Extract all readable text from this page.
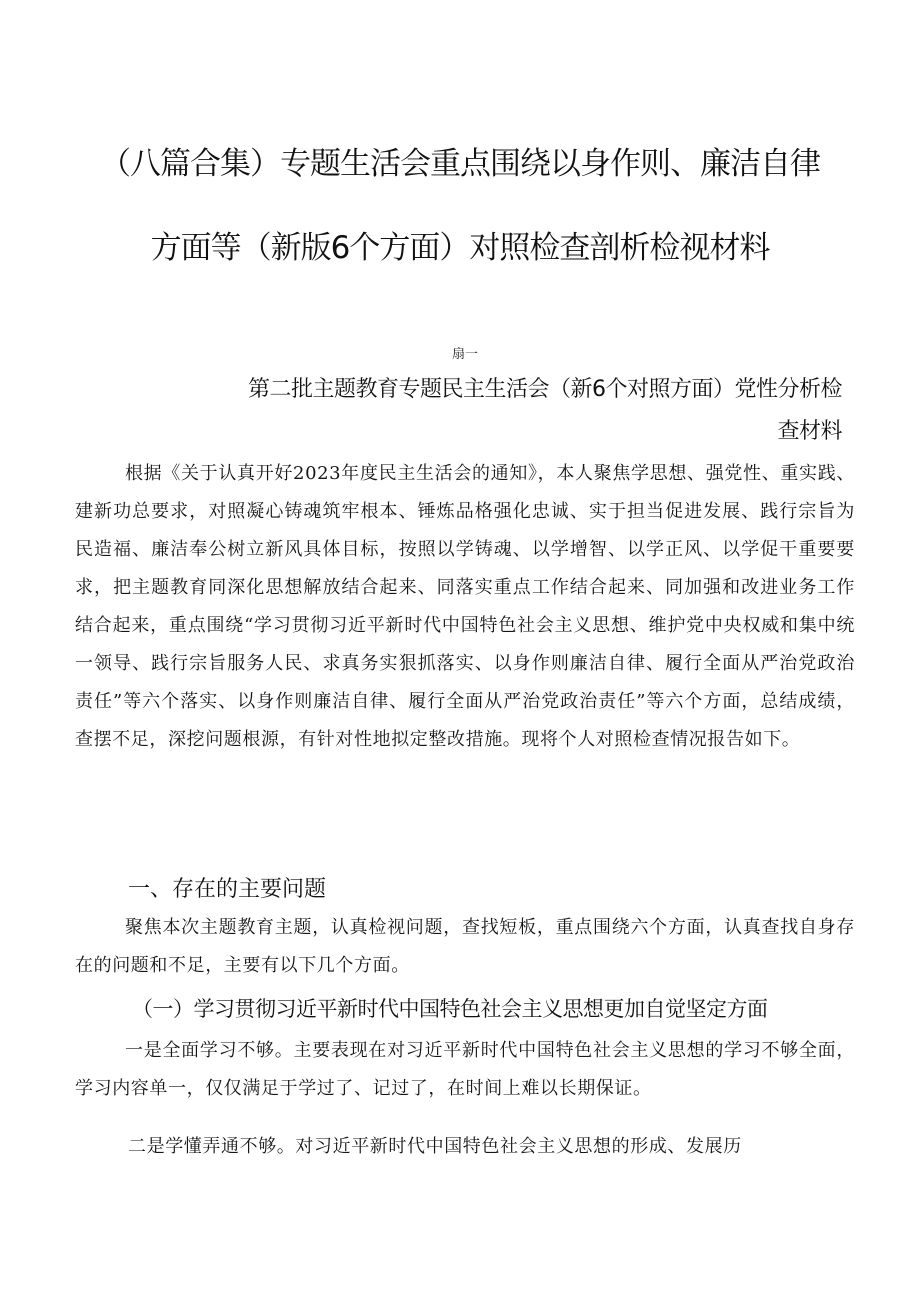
（八篇合集）专题生活会重点围绕以身作则、廉洁自律
方面等（新版6个方面）对照检查剖析检视材料
扇一
第二批主题教育专题民主生活会（新6个对照方面）党性分析检
查材料
根据《关于认真开好2023年度民主生活会的通知》，本人聚焦学思想、强党性、重实践、建新功总要求，对照凝心铸魂筑牢根本、锤炼品格强化忠诚、实于担当促进发展、践行宗旨为民造福、廉洁奉公树立新风具体目标，按照以学铸魂、以学增智、以学正风、以学促干重要要求，把主题教育同深化思想解放结合起来、同落实重点工作结合起来、同加强和改进业务工作结合起来，重点围绕“学习贯彻习近平新时代中国特色社会主义思想、维护党中央权威和集中统一领导、践行宗旨服务人民、求真务实狠抓落实、以身作则廉洁自律、履行全面从严治党政治责任”等六个落实、以身作则廉洁自律、履行全面从严治党政治责任”等六个方面，总结成绩，查摆不足，深挖问题根源，有针对性地拟定整改措施。现将个人对照检查情况报告如下。
一、存在的主要问题
聚焦本次主题教育主题，认真检视问题，查找短板，重点围绕六个方面，认真查找自身存在的问题和不足，主要有以下几个方面。
（一）学习贯彻习近平新时代中国特色社会主义思想更加自觉坚定方面
一是全面学习不够。主要表现在对习近平新时代中国特色社会主义思想的学习不够全面，学习内容单一，仅仅满足于学过了、记过了，在时间上难以长期保证。
二是学懂弄通不够。对习近平新时代中国特色社会主义思想的形成、发展历
